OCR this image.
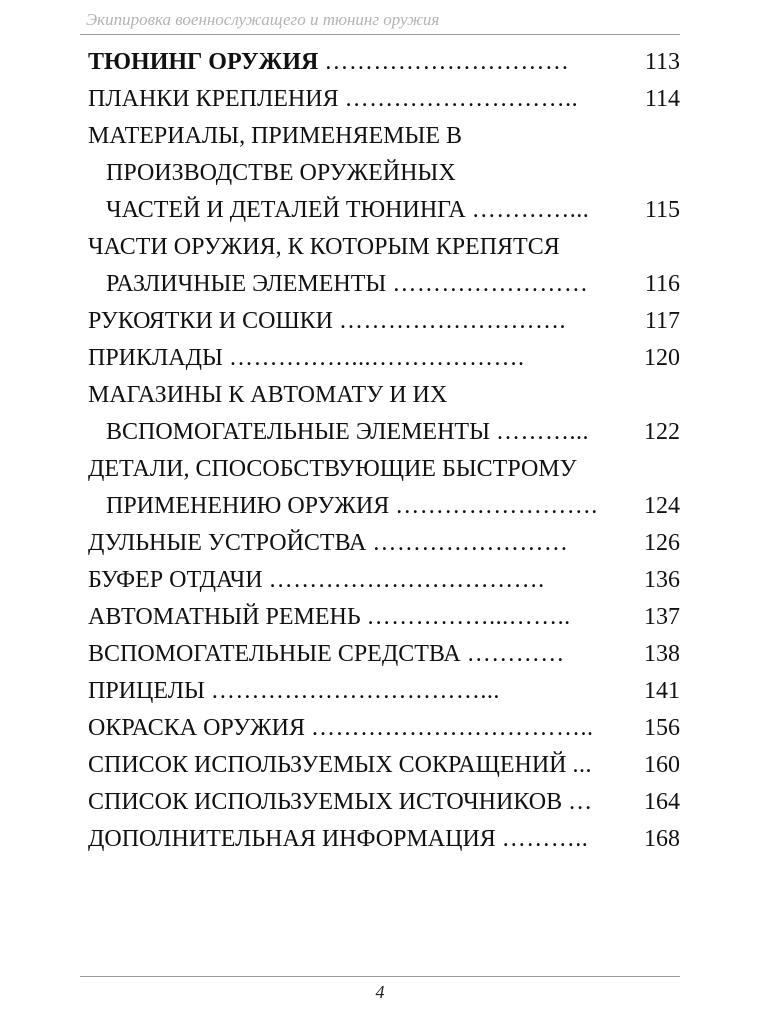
Экипировка военнослужащего и тюнинг оружия
ТЮНИНГ ОРУЖИЯ …………………………	113
ПЛАНКИ КРЕПЛЕНИЯ ………………………..	114
МАТЕРИАЛЫ, ПРИМЕНЯЕМЫЕ В
ПРОИЗВОДСТВЕ ОРУЖЕЙНЫХ
ЧАСТЕЙ И ДЕТАЛЕЙ ТЮНИНГА …………...	115
ЧАСТИ ОРУЖИЯ, К КОТОРЫМ КРЕПЯТСЯ
РАЗЛИЧНЫЕ ЭЛЕМЕНТЫ ……………………	116
РУКОЯТКИ И СОШКИ ……………………….	117
ПРИКЛАДЫ ……………...……………….	120
МАГАЗИНЫ К АВТОМАТУ И ИХ
ВСПОМОГАТЕЛЬНЫЕ ЭЛЕМЕНТЫ ………...	122
ДЕТАЛИ, СПОСОБСТВУЮЩИЕ БЫСТРОМУ
ПРИМЕНЕНИЮ ОРУЖИЯ …………………….	124
ДУЛЬНЫЕ УСТРОЙСТВА ……………………	126
БУФЕР ОТДАЧИ …………………………….	136
АВТОМАТНЫЙ РЕМЕНЬ ……………...……..	137
ВСПОМОГАТЕЛЬНЫЕ СРЕДСТВА …………	138
ПРИЦЕЛЫ ……………………………...	141
ОКРАСКА ОРУЖИЯ ……………………………..	156
СПИСОК ИСПОЛЬЗУЕМЫХ СОКРАЩЕНИЙ ...	160
СПИСОК ИСПОЛЬЗУЕМЫХ ИСТОЧНИКОВ …	164
ДОПОЛНИТЕЛЬНАЯ ИНФОРМАЦИЯ ………..	168
4
